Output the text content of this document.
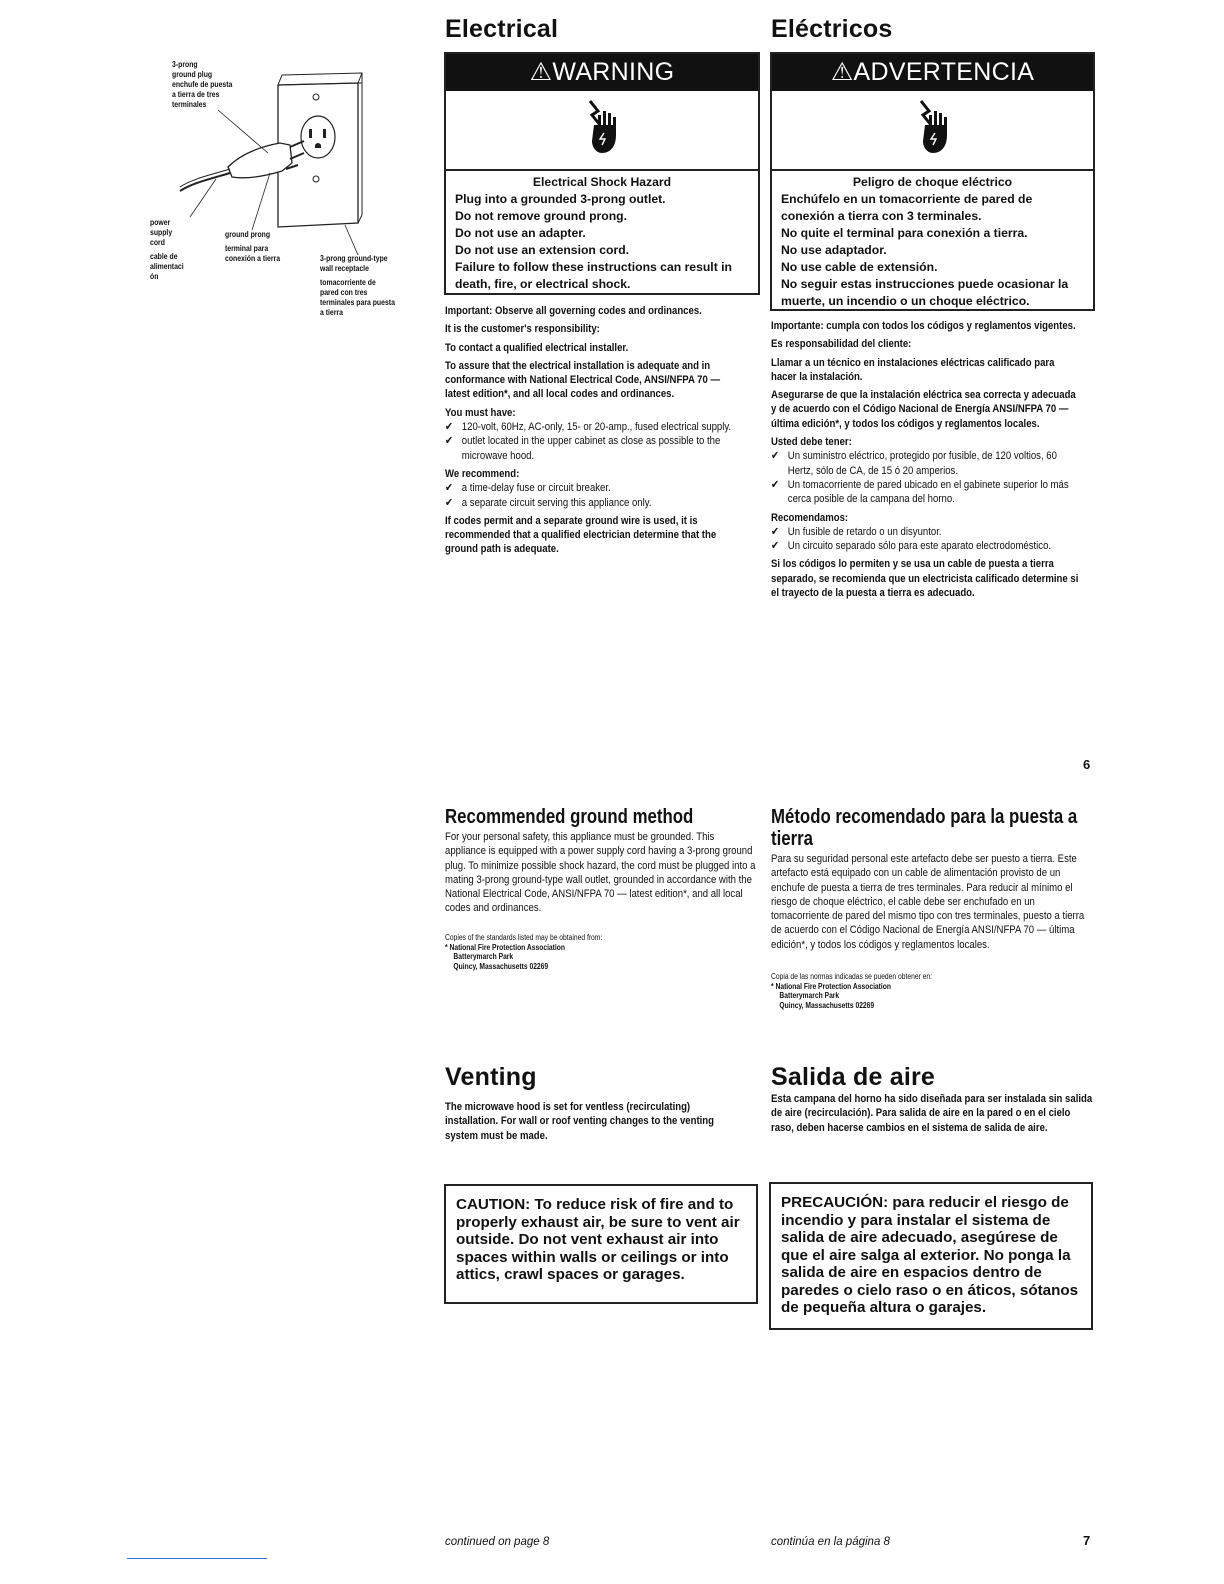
3-prong
ground plug
enchufe de puesta
a tierra de tres
terminales
power
supply
cord
cable de
alimentaci
ón
ground prong
terminal para
conexión a tierra	3-prong ground-type
wall receptacle
tomacorriente de
pared con tres
terminales para puesta
a tierra
Electrical
⚠WARNING
Electrical Shock Hazard
Plug into a grounded 3-prong outlet.
Do not remove ground prong.
Do not use an adapter.
Do not use an extension cord.
Failure to follow these instructions can result in death, fire, or electrical shock.
Important: Observe all governing codes and ordinances.
It is the customer's responsibility:
To contact a qualified electrical installer.
To assure that the electrical installation is adequate and in conformance with National Electrical Code, ANSI/NFPA 70 — latest edition*, and all local codes and ordinances.
You must have:
✔ 120-volt, 60Hz, AC-only, 15- or 20-amp., fused electrical supply.
✔ outlet located in the upper cabinet as close as possible to the microwave hood.
We recommend:
✔ a time-delay fuse or circuit breaker.
✔ a separate circuit serving this appliance only.
If codes permit and a separate ground wire is used, it is recommended that a qualified electrician determine that the ground path is adequate.
Eléctricos
⚠ADVERTENCIA
Peligro de choque eléctrico
Enchúfelo en un tomacorriente de pared de conexión a tierra con 3 terminales.
No quite el terminal para conexión a tierra.
No use adaptador.
No use cable de extensión.
No seguir estas instrucciones puede ocasionar la muerte, un incendio o un choque eléctrico.
Importante: cumpla con todos los códigos y reglamentos vigentes.
Es responsabilidad del cliente:
Llamar a un técnico en instalaciones eléctricas calificado para hacer la instalación.
Asegurarse de que la instalación eléctrica sea correcta y adecuada y de acuerdo con el Código Nacional de Energía ANSI/NFPA 70 — última edición*, y todos los códigos y reglamentos locales.
Usted debe tener:
✔ Un suministro eléctrico, protegido por fusible, de 120 voltios, 60 Hertz, sólo de CA, de 15 ó 20 amperios.
✔ Un tomacorriente de pared ubicado en el gabinete superior lo más cerca posible de la campana del horno.
Recomendamos:
✔ Un fusible de retardo o un disyuntor.
✔ Un circuito separado sólo para este aparato electrodoméstico.
Si los códigos lo permiten y se usa un cable de puesta a tierra separado, se recomienda que un electricista calificado determine si el trayecto de la puesta a tierra es adecuado.
6
Recommended ground method
For your personal safety, this appliance must be grounded. This appliance is equipped with a power supply cord having a 3-prong ground plug. To minimize possible shock hazard, the cord must be plugged into a mating 3-prong ground-type wall outlet, grounded in accordance with the National Electrical Code, ANSI/NFPA 70 — latest edition*, and all local codes and ordinances.
Copies of the standards listed may be obtained from:
* National Fire Protection Association
Batterymarch Park
Quincy, Massachusetts 02269
Método recomendado para la puesta a tierra
Para su seguridad personal este artefacto debe ser puesto a tierra. Este artefacto está equipado con un cable de alimentación provisto de un enchufe de puesta a tierra de tres terminales. Para reducir al mínimo el riesgo de choque eléctrico, el cable debe ser enchufado en un tomacorriente de pared del mismo tipo con tres terminales, puesto a tierra de acuerdo con el Código Nacional de Energía ANSI/NFPA 70 — última edición*, y todos los códigos y reglamentos locales.
Copia de las normas indicadas se pueden obtener en:
* National Fire Protection Association
Batterymarch Park
Quincy, Massachusetts 02269
Venting
The microwave hood is set for ventless (recirculating) installation. For wall or roof venting changes to the venting system must be made.
Salida de aire
Esta campana del horno ha sido diseñada para ser instalada sin salida de aire (recirculación). Para salida de aire en la pared o en el cielo raso, deben hacerse cambios en el sistema de salida de aire.
CAUTION: To reduce risk of fire and to properly exhaust air, be sure to vent air outside. Do not vent exhaust air into spaces within walls or ceilings or into attics, crawl spaces or garages.
PRECAUCIÓN: para reducir el riesgo de incendio y para instalar el sistema de salida de aire adecuado, asegúrese de que el aire salga al exterior. No ponga la salida de aire en espacios dentro de paredes o cielo raso o en áticos, sótanos de pequeña altura o garajes.
continued on page 8	continúa en la página 8	7
